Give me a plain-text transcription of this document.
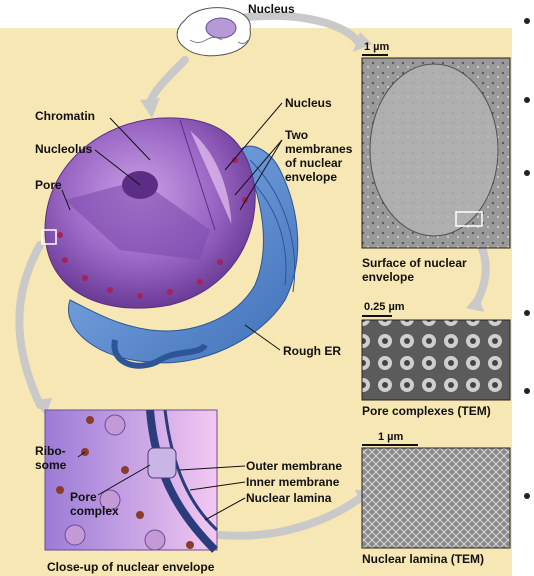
Nucleus
Chromatin
Nucleolus
Pore
Nucleus
Two
membranes
of nuclear
envelope
Rough ER
Ribo-
some
Pore
complex
Outer membrane
Inner membrane
Nuclear lamina
Close-up of nuclear envelope
1 µm
Surface of nuclear
envelope
0.25 µm
Pore complexes (TEM)
1 µm
Nuclear lamina (TEM)
